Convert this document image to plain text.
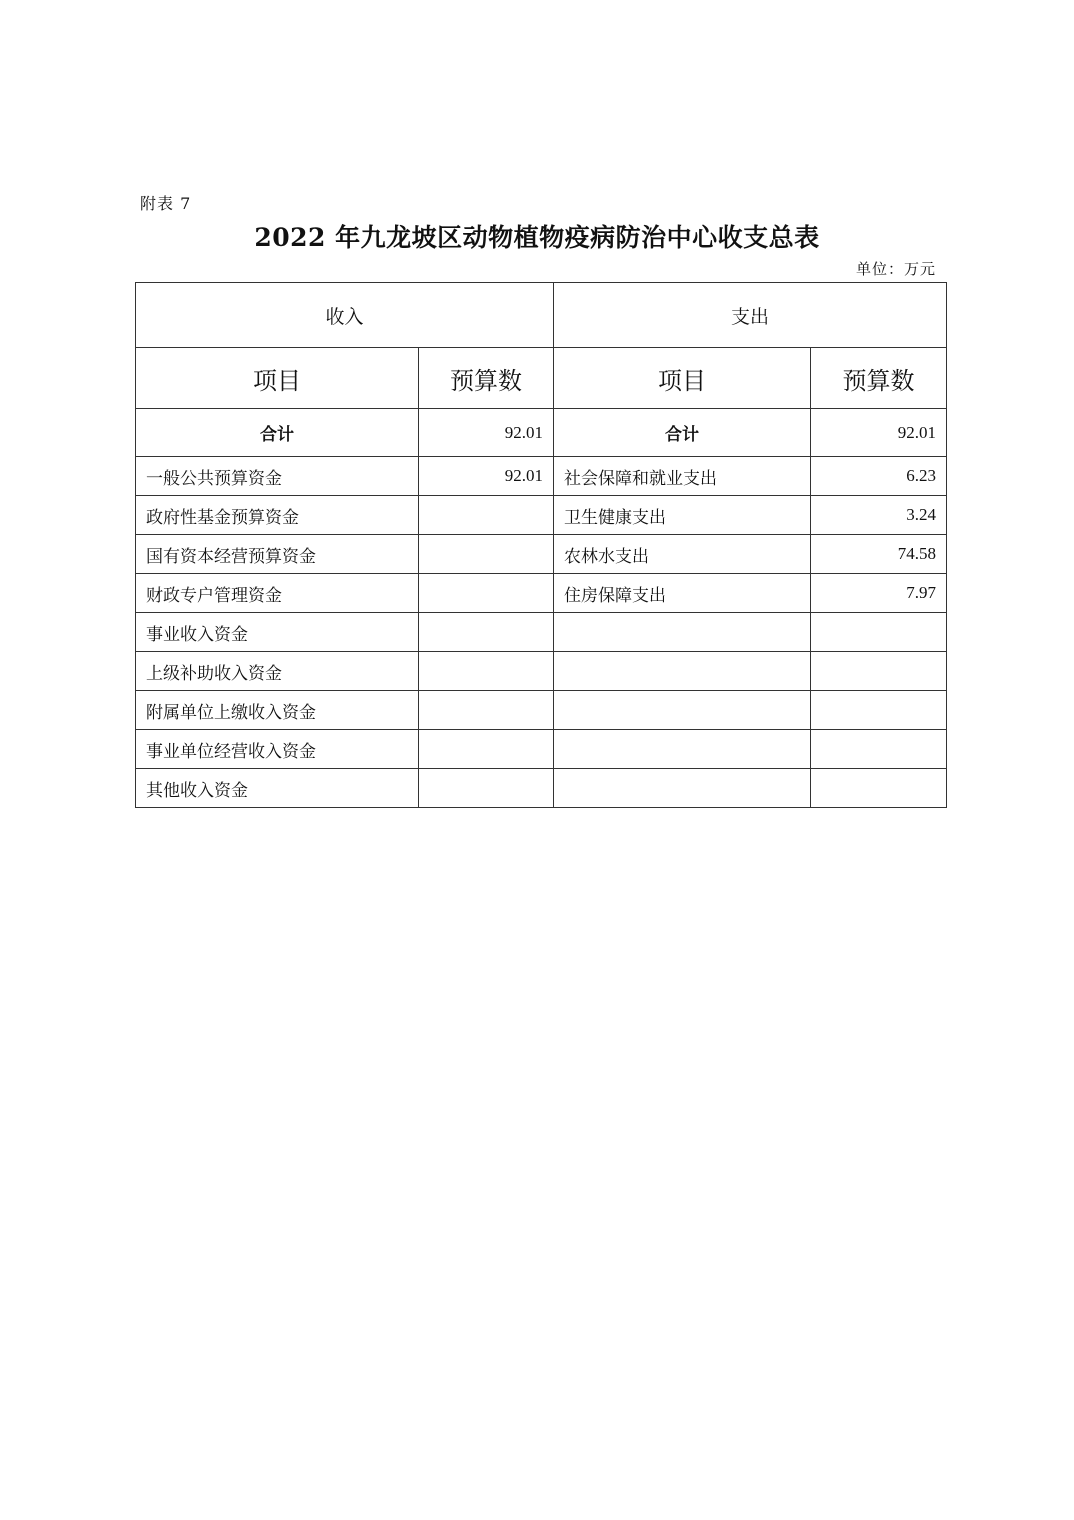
附表 7
2022 年九龙坡区动物植物疫病防治中心收支总表
单位：万元
收入		支出	
项目	预算数	项目	预算数
合计	92.01	合计	92.01
一般公共预算资金	92.01	社会保障和就业支出	6.23
政府性基金预算资金		卫生健康支出	3.24
国有资本经营预算资金		农林水支出	74.58
财政专户管理资金		住房保障支出	7.97
事业收入资金			
上级补助收入资金			
附属单位上缴收入资金			
事业单位经营收入资金			
其他收入资金			
